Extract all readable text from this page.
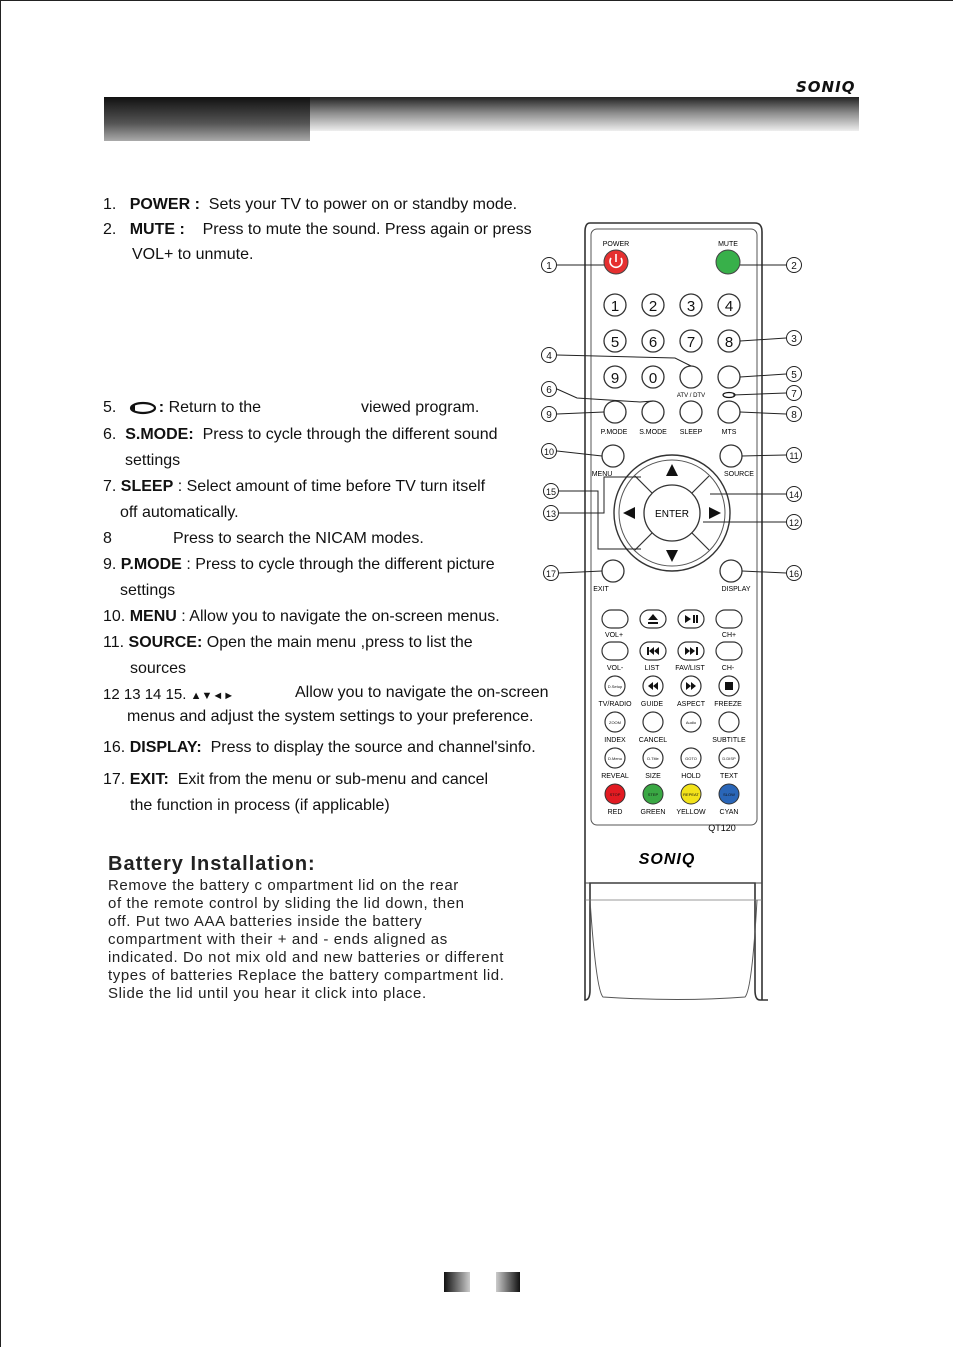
SONIQ
1. POWER : Sets your TV to power on or standby mode.
2. MUTE : Press to mute the sound. Press again or press
VOL+ to unmute.
5.	: Return to the	viewed program.
6. S.MODE: Press to cycle through the different sound
settings
7. SLEEP : Select amount of time before TV turn itself
off automatically.
8	Press to search the NICAM modes.
9. P.MODE : Press to cycle through the different picture
settings
10. MENU : Allow you to navigate the on-screen menus.
11. SOURCE: Open the main menu ,press to list the
sources
12 13 14 15. ▲▼◄►	Allow you to navigate the on-screen
menus and adjust the system settings to your preference.
16. DISPLAY: Press to display the source and channel'sinfo.
17. EXIT: Exit from the menu or sub-menu and cancel
the function in process (if applicable)
Battery Installation:
Remove the battery c ompartment lid on the rear
of the remote control by sliding the lid down, then
off. Put two AAA batteries inside the battery
compartment with their + and - ends aligned as
indicated. Do not mix old and new batteries or different
types of batteries Replace the battery compartment lid.
Slide the lid until you hear it click into place.
POWER	MUTE
1 2 3 4
5 6 7 8
9 0
ATV / DTV
P.MODE S.MODE SLEEP	MTS
MENU	SOURCE
ENTER
EXIT	DISPLAY
VOL+	CH+
VOL-	LIST FAV/LIST CH-
D.Setup
ZOOM	Audio
D.Menu	D.Title	GOTO	D.DISP
STOP	STEP	REPEAT	SLOW
TV/RADIO GUIDE ASPECT FREEZE
INDEX CANCEL	SUBTITLE
REVEAL SIZE	HOLD	TEXT
RED	GREEN YELLOW CYAN
QT120
SONIQ
1	2
3
4
5
6	7
8
9
10	11
12
13
14
15
16
17
